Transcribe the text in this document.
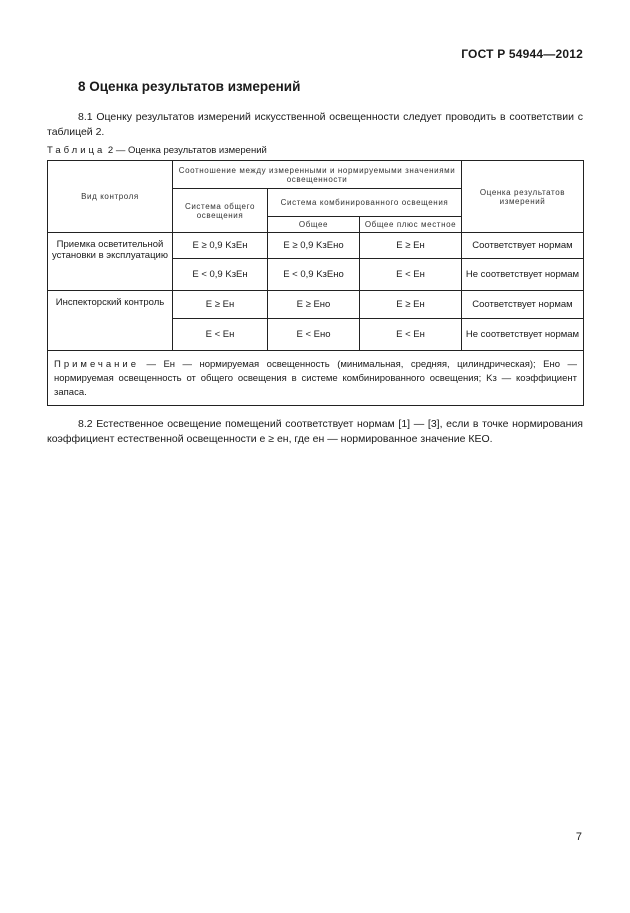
ГОСТ Р 54944—2012
8 Оценка результатов измерений
8.1 Оценку результатов измерений искусственной освещенности следует проводить в соответствии с таблицей 2.
Таблица 2 — Оценка результатов измерений
Вид контроля	Соотношение между измеренными и нормируемыми значениями освещенности			Оценка результатов измерений
	Система общего освещения	Система комбинированного освещения		
		Общее	Общее плюс местное	
Приемка осветительной установки в эксплуатацию	E ≥ 0,9 KзEн	E ≥ 0,9 KзEно	E ≥ Eн	Соответствует нормам
	E < 0,9 KзEн	E < 0,9 KзEно	E < Eн	Не соответствует нормам
Инспекторский контроль	E ≥ Eн	E ≥ Eно	E ≥ Eн	Соответствует нормам
	E < Eн	E < Eно	E < Eн	Не соответствует нормам
Примечание — Eн — нормируемая освещенность (минимальная, средняя, цилиндрическая); Eно — нормируемая освещенность от общего освещения в системе комбинированного освещения; Kз — коэффициент запаса.				
8.2 Естественное освещение помещений соответствует нормам [1] — [3], если в точке нормирования коэффициент естественной освещенности e ≥ eн, где eн — нормированное значение КЕО.
7
